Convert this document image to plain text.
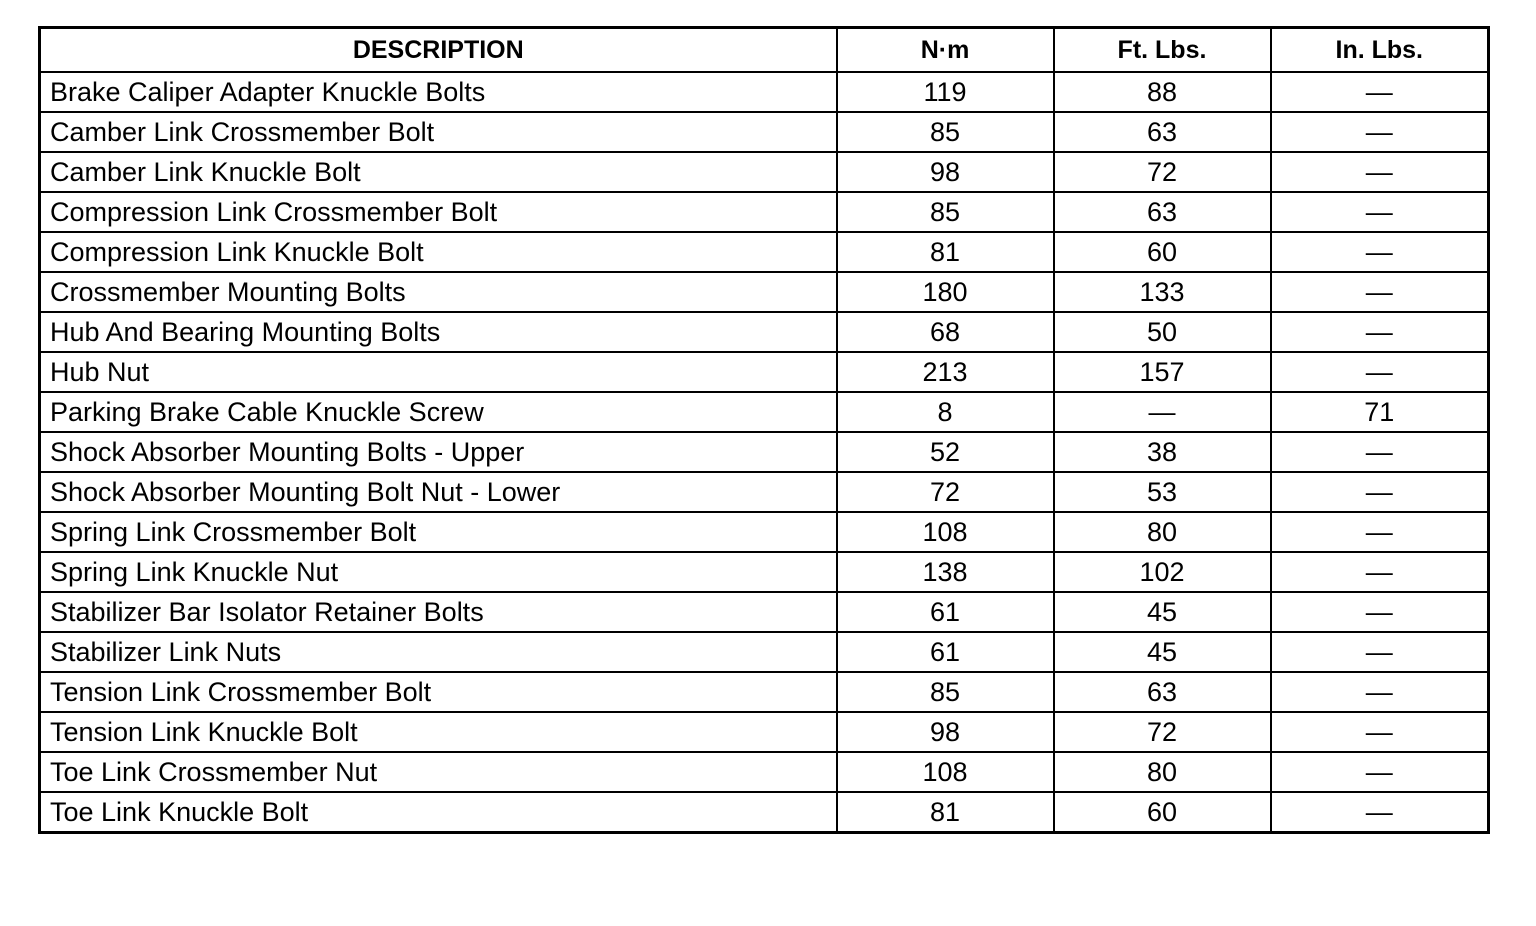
DESCRIPTION	N·m	Ft. Lbs.	In. Lbs.
Brake Caliper Adapter Knuckle Bolts	119	88	—
Camber Link Crossmember Bolt	85	63	—
Camber Link Knuckle Bolt	98	72	—
Compression Link Crossmember Bolt	85	63	—
Compression Link Knuckle Bolt	81	60	—
Crossmember Mounting Bolts	180	133	—
Hub And Bearing Mounting Bolts	68	50	—
Hub Nut	213	157	—
Parking Brake Cable Knuckle Screw	8	—	71
Shock Absorber Mounting Bolts - Upper	52	38	—
Shock Absorber Mounting Bolt Nut - Lower	72	53	—
Spring Link Crossmember Bolt	108	80	—
Spring Link Knuckle Nut	138	102	—
Stabilizer Bar Isolator Retainer Bolts	61	45	—
Stabilizer Link Nuts	61	45	—
Tension Link Crossmember Bolt	85	63	—
Tension Link Knuckle Bolt	98	72	—
Toe Link Crossmember Nut	108	80	—
Toe Link Knuckle Bolt	81	60	—
